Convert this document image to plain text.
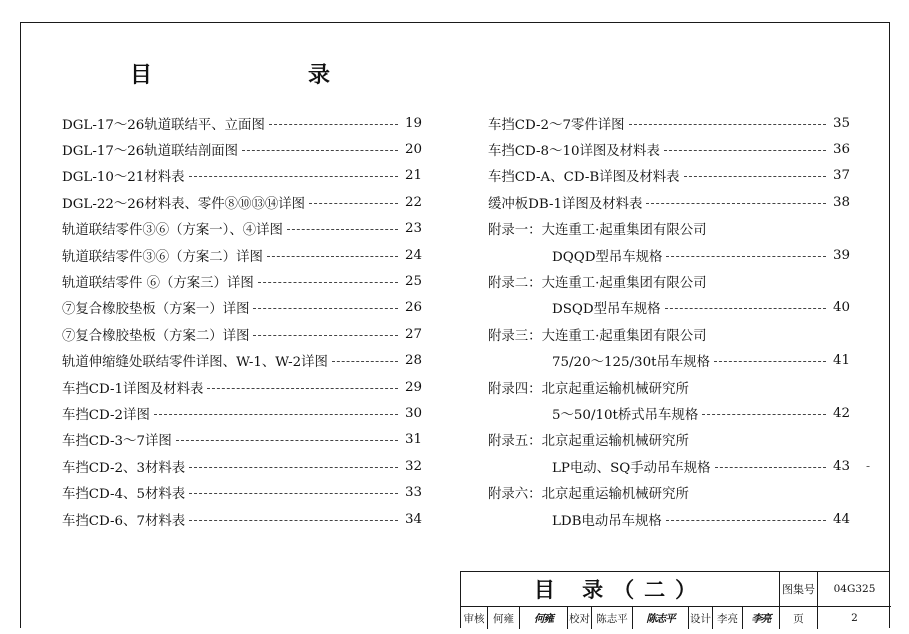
目	录
DGL-17～26轨道联结平、立面图	19
DGL-17～26轨道联结剖面图	20
DGL-10～21材料表	21
DGL-22～26材料表、零件⑧⑩⑬⑭详图	22
轨道联结零件③⑥（方案一）、④详图	23
轨道联结零件③⑥（方案二）详图	24
轨道联结零件 ⑥（方案三）详图	25
⑦复合橡胶垫板（方案一）详图	26
⑦复合橡胶垫板（方案二）详图	27
轨道伸缩缝处联结零件详图、W-1、W-2详图	28
车挡CD-1详图及材料表	29
车挡CD-2详图	30
车挡CD-3～7详图	31
车挡CD-2、3材料表	32
车挡CD-4、5材料表	33
车挡CD-6、7材料表	34
车挡CD-2～7零件详图	35
车挡CD-8～10详图及材料表	36
车挡CD-A、CD-B详图及材料表	37
缓冲板DB-1详图及材料表	38
附录一： 大连重工·起重集团有限公司
DQQD型吊车规格	39
附录二： 大连重工·起重集团有限公司
DSQD型吊车规格	40
附录三： 大连重工·起重集团有限公司
75/20～125/30t吊车规格	41
附录四： 北京起重运输机械研究所
5～50/10t桥式吊车规格	42
附录五： 北京起重运输机械研究所
LP电动、SQ手动吊车规格	43 -
附录六： 北京起重运输机械研究所
LDB电动吊车规格	44
目 录（二）	图集号	04G325
审核 何雍	何雍	校对 陈志平	陈志平	设计 李亮	李亮	页	2
